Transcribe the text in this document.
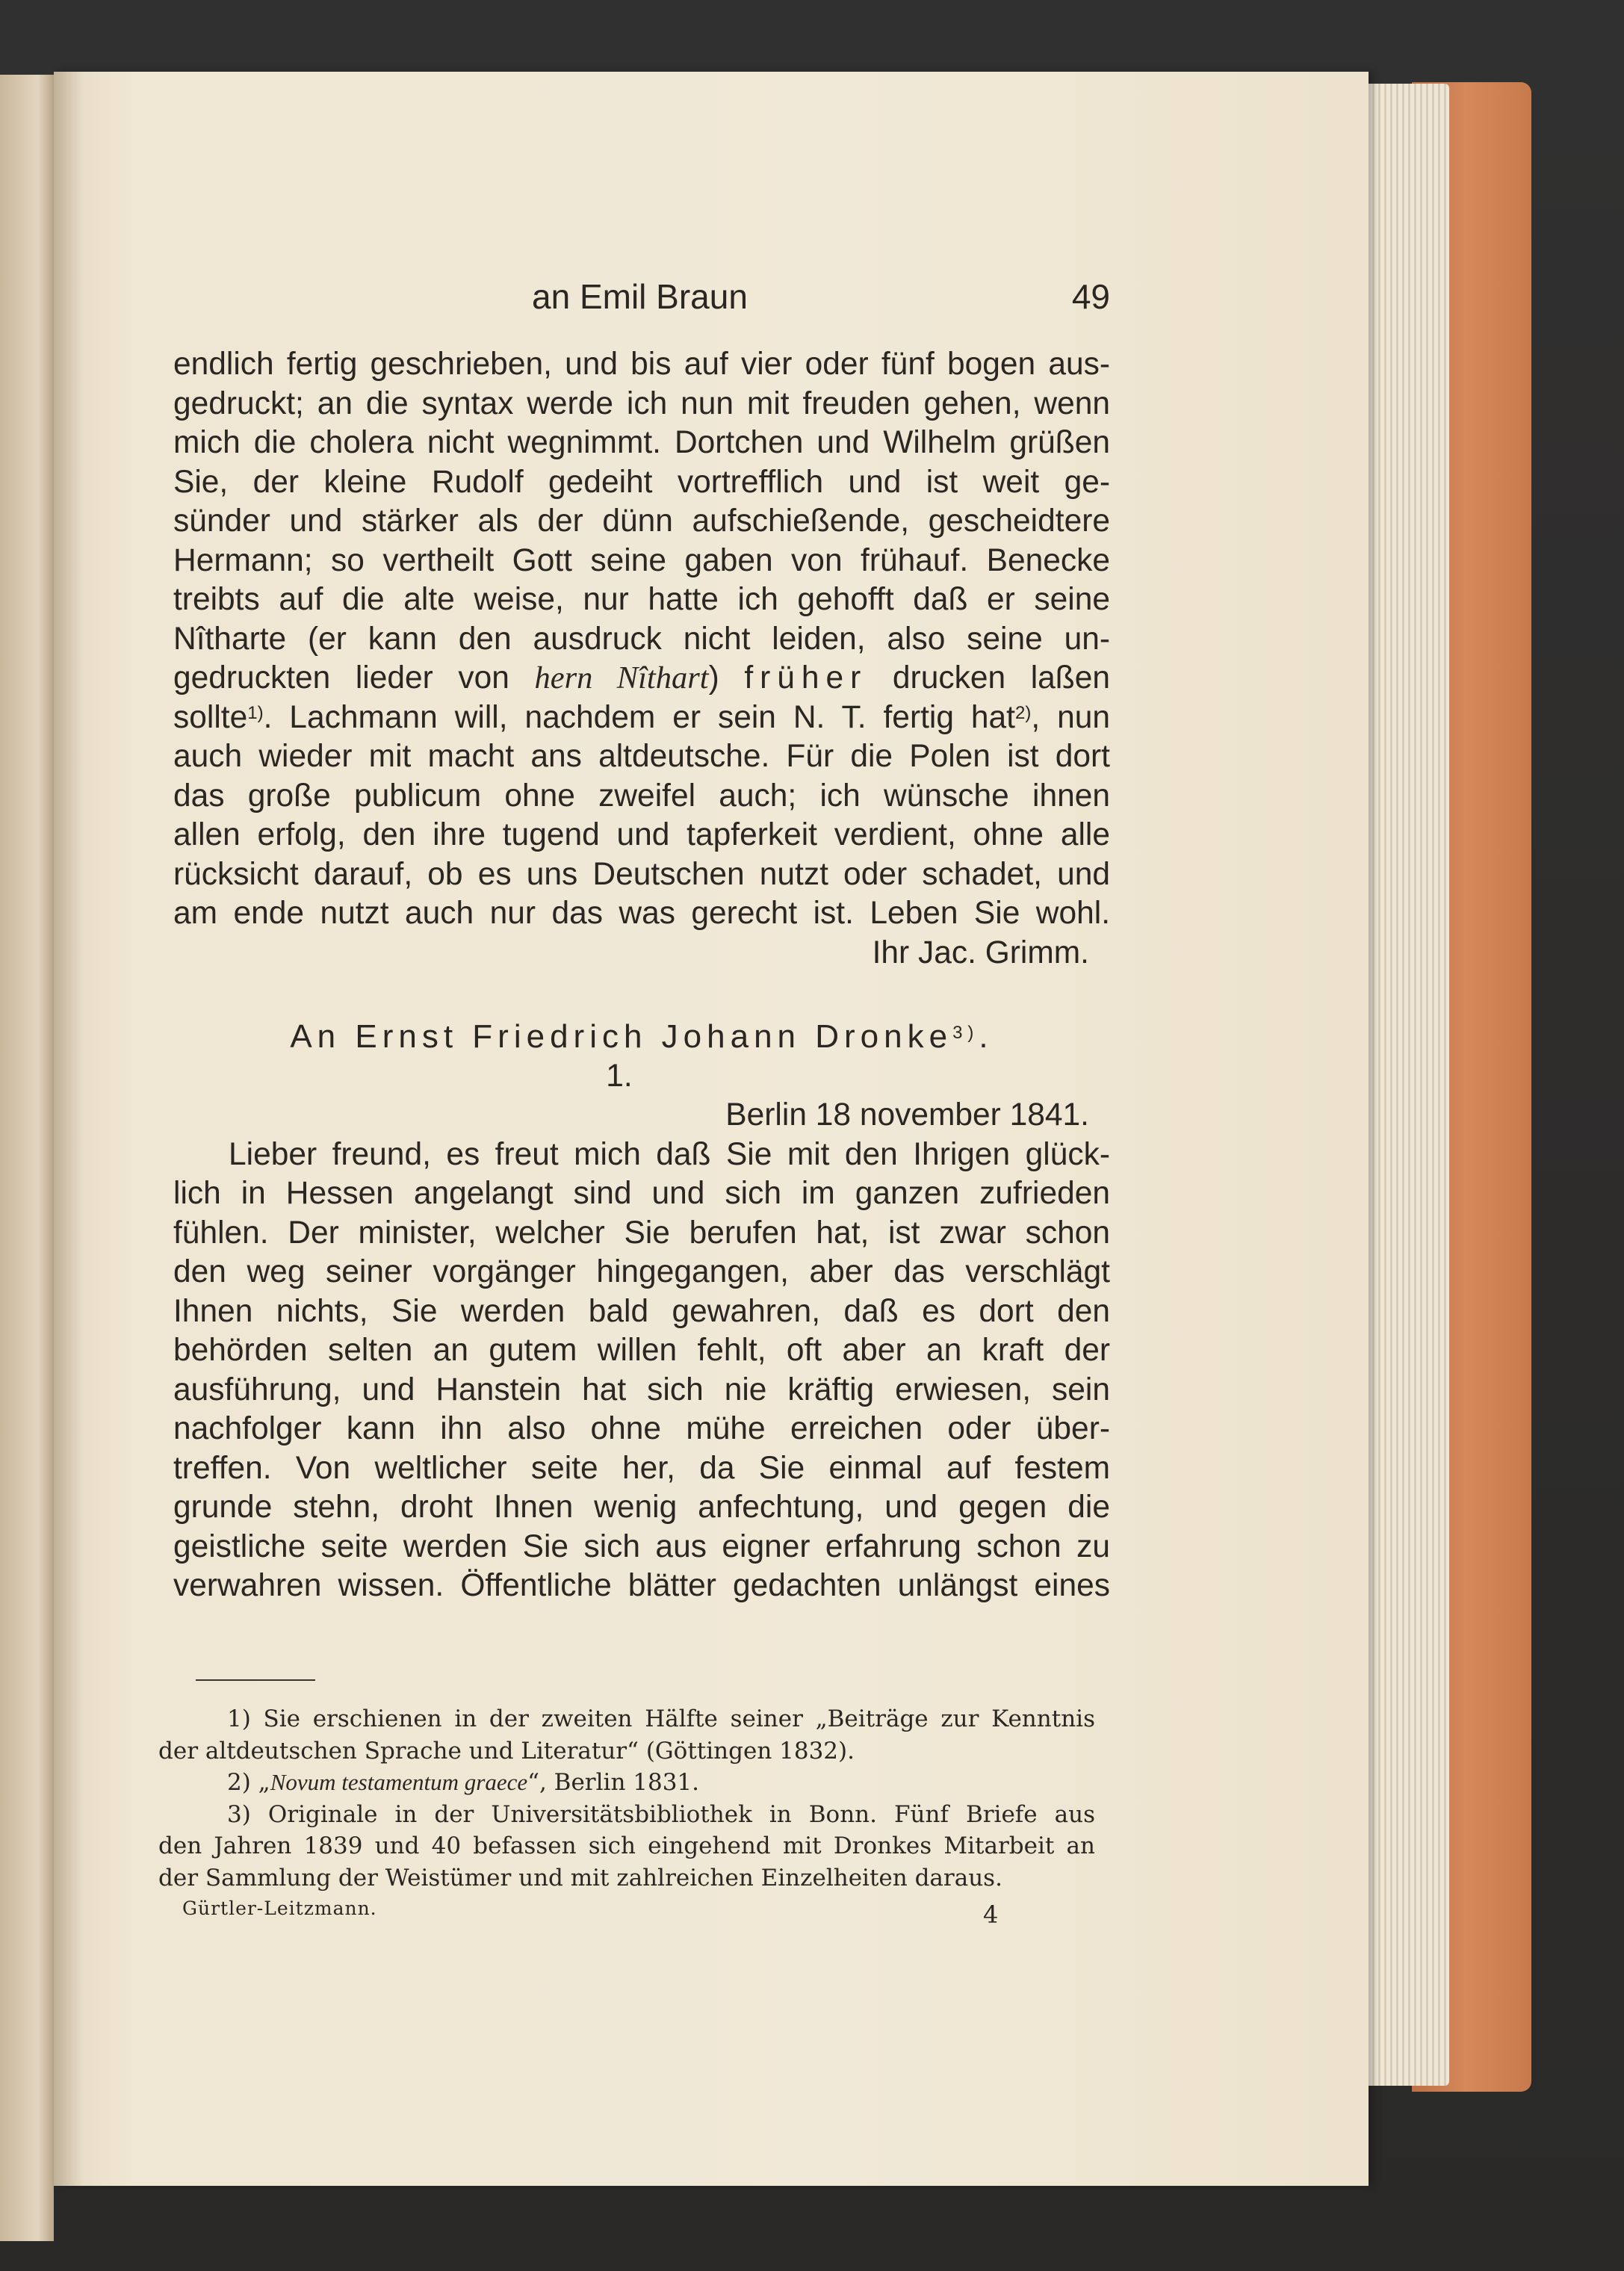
an Emil Braun	49
endlich fertig geschrieben, und bis auf vier oder fünf bogen aus-
gedruckt; an die syntax werde ich nun mit freuden gehen, wenn
mich die cholera nicht wegnimmt. Dortchen und Wilhelm grüßen
Sie, der kleine Rudolf gedeiht vortrefflich und ist weit ge-
sünder und stärker als der dünn aufschießende, gescheidtere
Hermann; so vertheilt Gott seine gaben von frühauf. Benecke
treibts auf die alte weise, nur hatte ich gehofft daß er seine
Nîtharte (er kann den ausdruck nicht leiden, also seine un-
gedruckten lieder von hern Nîthart) früher drucken laßen
sollte$^{1)}$. Lachmann will, nachdem er sein N. T. fertig hat$^{2)}$, nun
auch wieder mit macht ans altdeutsche. Für die Polen ist dort
das große publicum ohne zweifel auch; ich wünsche ihnen
allen erfolg, den ihre tugend und tapferkeit verdient, ohne alle
rücksicht darauf, ob es uns Deutschen nutzt oder schadet, und
am ende nutzt auch nur das was gerecht ist. Leben Sie wohl.
Ihr Jac. Grimm.
An Ernst Friedrich Johann Dronke$^{3)}$.
1.
Berlin 18 november 1841.
Lieber freund, es freut mich daß Sie mit den Ihrigen glück-
lich in Hessen angelangt sind und sich im ganzen zufrieden
fühlen. Der minister, welcher Sie berufen hat, ist zwar schon
den weg seiner vorgänger hingegangen, aber das verschlägt
Ihnen nichts, Sie werden bald gewahren, daß es dort den
behörden selten an gutem willen fehlt, oft aber an kraft der
ausführung, und Hanstein hat sich nie kräftig erwiesen, sein
nachfolger kann ihn also ohne mühe erreichen oder über-
treffen. Von weltlicher seite her, da Sie einmal auf festem
grunde stehn, droht Ihnen wenig anfechtung, und gegen die
geistliche seite werden Sie sich aus eigner erfahrung schon zu
verwahren wissen. Öffentliche blätter gedachten unlängst eines
1) Sie erschienen in der zweiten Hälfte seiner „Beiträge zur Kenntnis
der altdeutschen Sprache und Literatur“ (Göttingen 1832).
2) „Novum testamentum graece“, Berlin 1831.
3) Originale in der Universitätsbibliothek in Bonn. Fünf Briefe aus
den Jahren 1839 und 40 befassen sich eingehend mit Dronkes Mitarbeit an
der Sammlung der Weistümer und mit zahlreichen Einzelheiten daraus.
Gürtler-Leitzmann.	4
